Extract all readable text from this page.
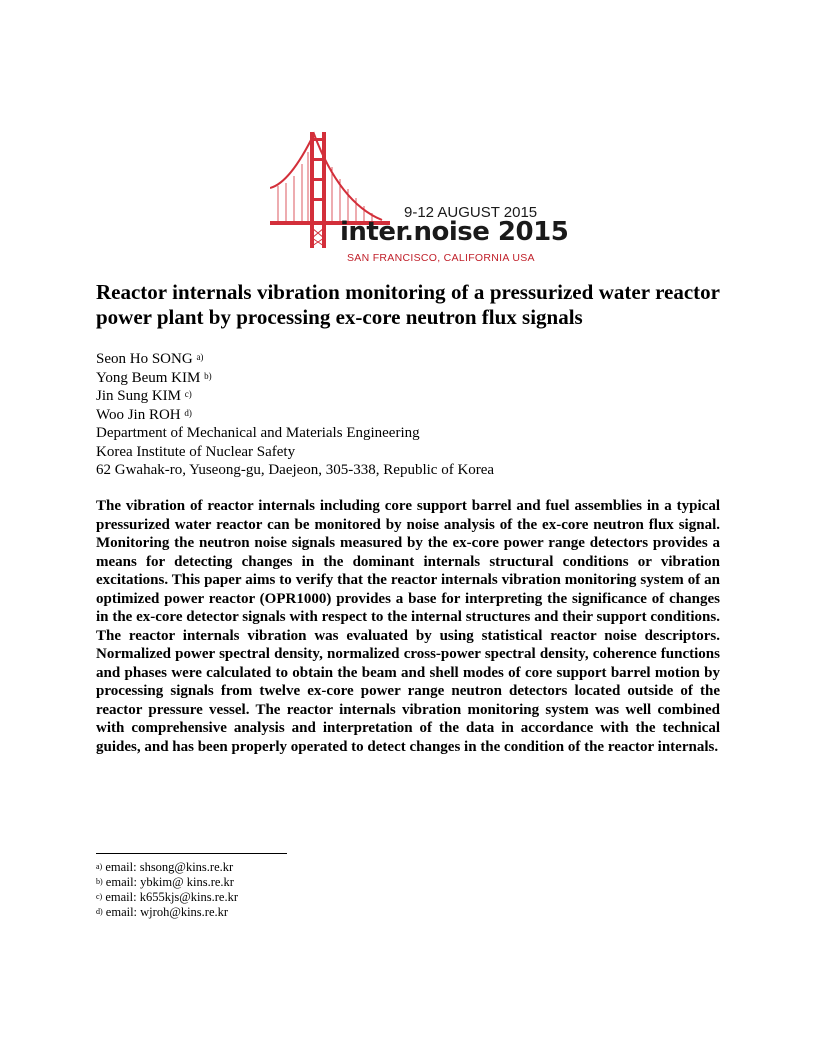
9-12 AUGUST 2015
inter.noise 2015
SAN FRANCISCO, CALIFORNIA USA
Reactor internals vibration monitoring of a pressurized water reactor power plant by processing ex-core neutron flux signals
Seon Ho SONG $^{a)}$
Yong Beum KIM $^{b)}$
Jin Sung KIM $^{c)}$
Woo Jin ROH $^{d)}$
Department of Mechanical and Materials Engineering
Korea Institute of Nuclear Safety
62 Gwahak-ro, Yuseong-gu, Daejeon, 305-338, Republic of Korea

The vibration of reactor internals including core support barrel and fuel assemblies in a typical pressurized water reactor can be monitored by noise analysis of the ex-core neutron flux signal. Monitoring the neutron noise signals measured by the ex-core power range detectors provides a means for detecting changes in the dominant internals structural conditions or vibration excitations. This paper aims to verify that the reactor internals vibration monitoring system of an optimized power reactor (OPR1000) provides a base for interpreting the significance of changes in the ex-core detector signals with respect to the internal structures and their support conditions. The reactor internals vibration was evaluated by using statistical reactor noise descriptors. Normalized power spectral density, normalized cross-power spectral density, coherence functions and phases were calculated to obtain the beam and shell modes of core support barrel motion by processing signals from twelve ex-core power range neutron detectors located outside of the reactor pressure vessel. The reactor internals vibration monitoring system was well combined with comprehensive analysis and interpretation of the data in accordance with the technical guides, and has been properly operated to detect changes in the condition of the reactor internals.

$^{a)}$ email: shsong@kins.re.kr
$^{b)}$ email: ybkim@ kins.re.kr
$^{c)}$ email: k655kjs@kins.re.kr
$^{d)}$ email: wjroh@kins.re.kr
